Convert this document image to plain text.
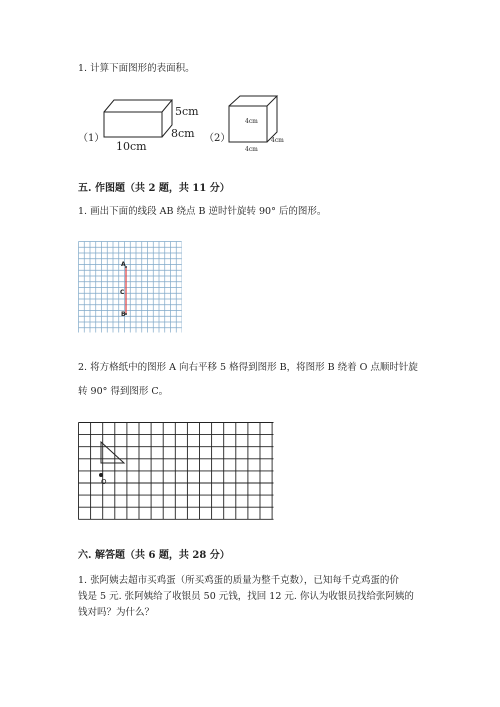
1. 计算下面图形的表面积。
（1）
5cm
8cm
10cm
（2）
4cm
4cm
4cm
五. 作图题（共 2 题，共 11 分）
1. 画出下面的线段 AB 绕点 B 逆时针旋转 90° 后的图形。
A
C
B
2. 将方格纸中的图形 A 向右平移 5 格得到图形 B，将图形 B 绕着 O 点顺时针旋
转 90° 得到图形 C。
O
六. 解答题（共 6 题，共 28 分）
1. 张阿姨去超市买鸡蛋（所买鸡蛋的质量为整千克数），已知每千克鸡蛋的价
钱是 5 元. 张阿姨给了收银员 50 元钱，找回 12 元. 你认为收银员找给张阿姨的
钱对吗？为什么？
